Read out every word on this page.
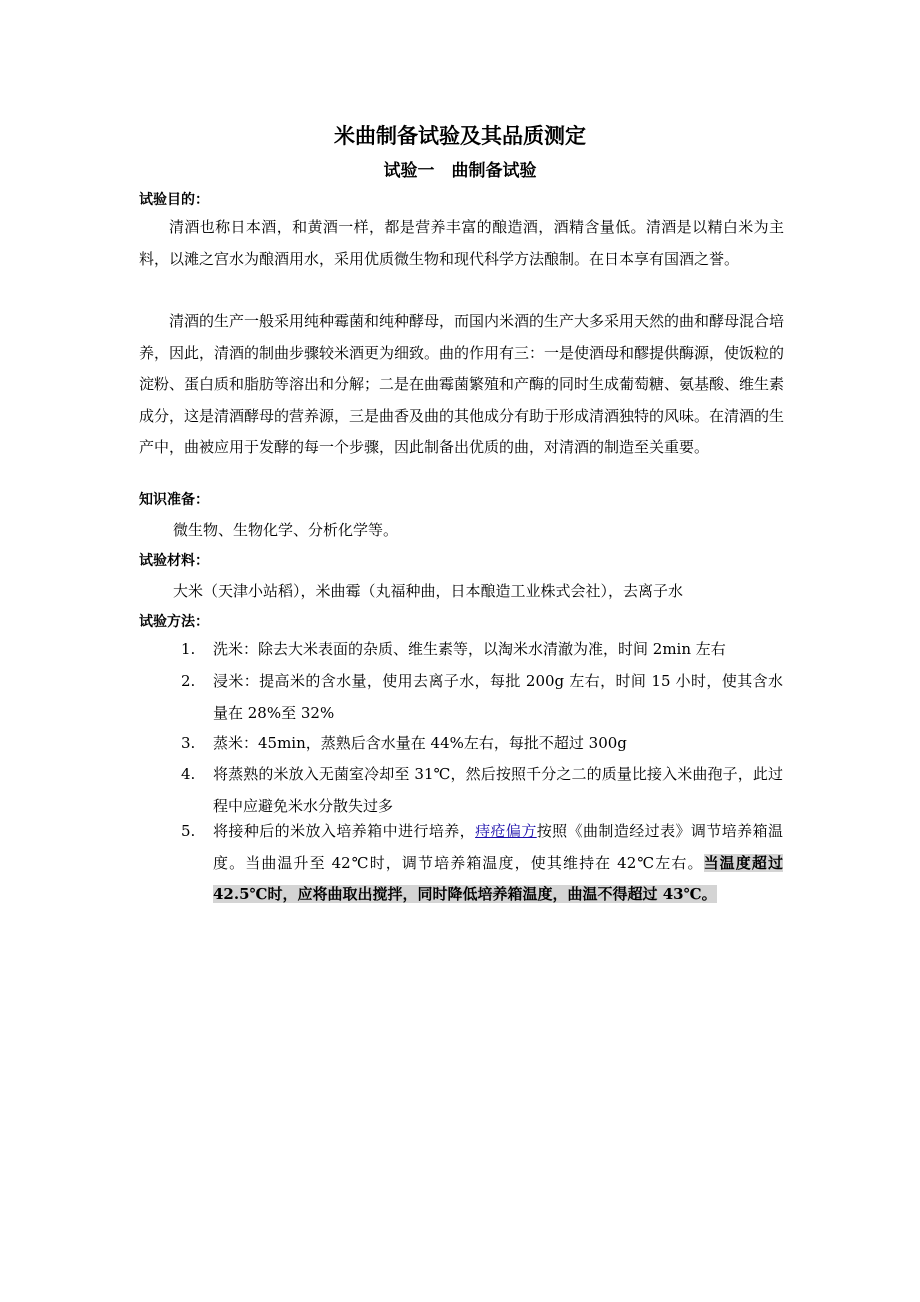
米曲制备试验及其品质测定
试验一　曲制备试验
试验目的：

清酒也称日本酒，和黄酒一样，都是营养丰富的酿造酒，酒精含量低。清酒是以精白米为主料，以滩之宫水为酿酒用水，采用优质微生物和现代科学方法酿制。在日本享有国酒之誉。

清酒的生产一般采用纯种霉菌和纯种酵母，而国内米酒的生产大多采用天然的曲和酵母混合培养，因此，清酒的制曲步骤较米酒更为细致。曲的作用有三：一是使酒母和醪提供酶源，使饭粒的淀粉、蛋白质和脂肪等溶出和分解；二是在曲霉菌繁殖和产酶的同时生成葡萄糖、氨基酸、维生素成分，这是清酒酵母的营养源，三是曲香及曲的其他成分有助于形成清酒独特的风味。在清酒的生产中，曲被应用于发酵的每一个步骤，因此制备出优质的曲，对清酒的制造至关重要。

知识准备：
微生物、生物化学、分析化学等。
试验材料：
大米（天津小站稻），米曲霉（丸福种曲，日本酿造工业株式会社），去离子水
试验方法：
1. 洗米：除去大米表面的杂质、维生素等，以淘米水清澈为准，时间 2min 左右

2. 浸米：提高米的含水量，使用去离子水，每批 200g 左右，时间 15 小时，使其含水量在 28%至 32%

3. 蒸米：45min，蒸熟后含水量在 44%左右，每批不超过 300g

4. 将蒸熟的米放入无菌室冷却至 31℃，然后按照千分之二的质量比接入米曲孢子，此过程中应避免米水分散失过多

5. 将接种后的米放入培养箱中进行培养，痔疮偏方按照《曲制造经过表》调节培养箱温度。当曲温升至 42℃时，调节培养箱温度，使其维持在 42℃左右。当温度超过 42.5℃时，应将曲取出搅拌，同时降低培养箱温度，曲温不得超过 43℃。
